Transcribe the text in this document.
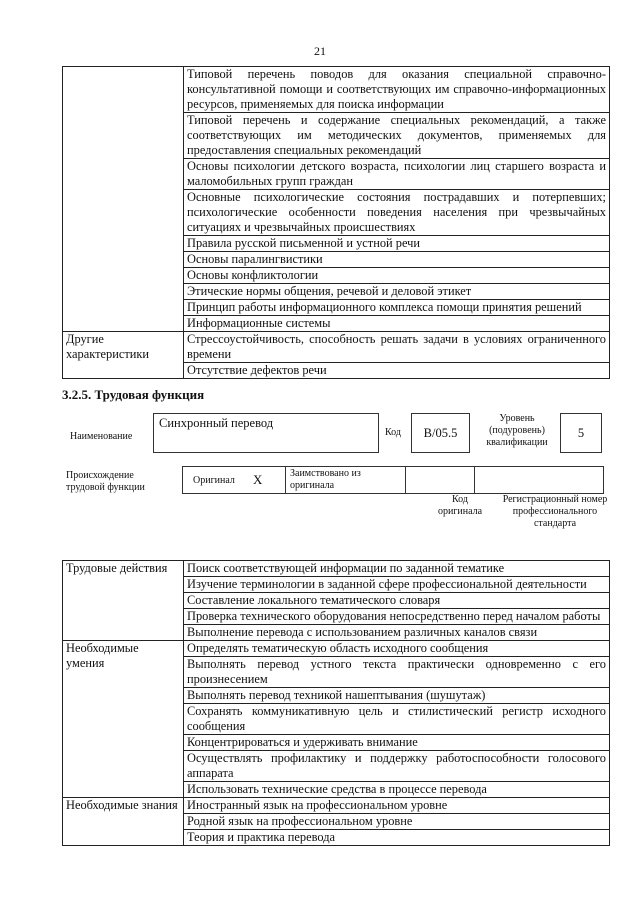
21
	Типовой перечень поводов для оказания специальной справочно-консультативной помощи и соответствующих им справочно-информационных ресурсов, применяемых для поиска информации
	Типовой перечень и содержание специальных рекомендаций, а также соответствующих им методических документов, применяемых для предоставления специальных рекомендаций
	Основы психологии детского возраста, психологии лиц старшего возраста и маломобильных групп граждан
	Основные психологические состояния пострадавших и потерпевших; психологические особенности поведения населения при чрезвычайных ситуациях и чрезвычайных происшествиях
	Правила русской письменной и устной речи
	Основы паралингвистики
	Основы конфликтологии
	Этические нормы общения, речевой и деловой этикет
	Принцип работы информационного комплекса помощи принятия решений
	Информационные системы
Другие характеристики	Стрессоустойчивость, способность решать задачи в условиях ограниченного времени
	Отсутствие дефектов речи
3.2.5. Трудовая функция
Наименование
Синхронный перевод
Код	B/05.5
Уровень (подуровень) квалификации
5
Происхождение трудовой функции
Оригинал X	Заимствовано из оригинала
Код оригинала
Регистрационный номер профессионального стандарта
Трудовые действия	Поиск соответствующей информации по заданной тематике
	Изучение терминологии в заданной сфере профессиональной деятельности
	Составление локального тематического словаря
	Проверка технического оборудования непосредственно перед началом работы
	Выполнение перевода с использованием различных каналов связи
Необходимые умения	Определять тематическую область исходного сообщения
	Выполнять перевод устного текста практически одновременно с его произнесением
	Выполнять перевод техникой нашептывания (шушутаж)
	Сохранять коммуникативную цель и стилистический регистр исходного сообщения
	Концентрироваться и удерживать внимание
	Осуществлять профилактику и поддержку работоспособности голосового аппарата
	Использовать технические средства в процессе перевода
Необходимые знания	Иностранный язык на профессиональном уровне
	Родной язык на профессиональном уровне
	Теория и практика перевода
